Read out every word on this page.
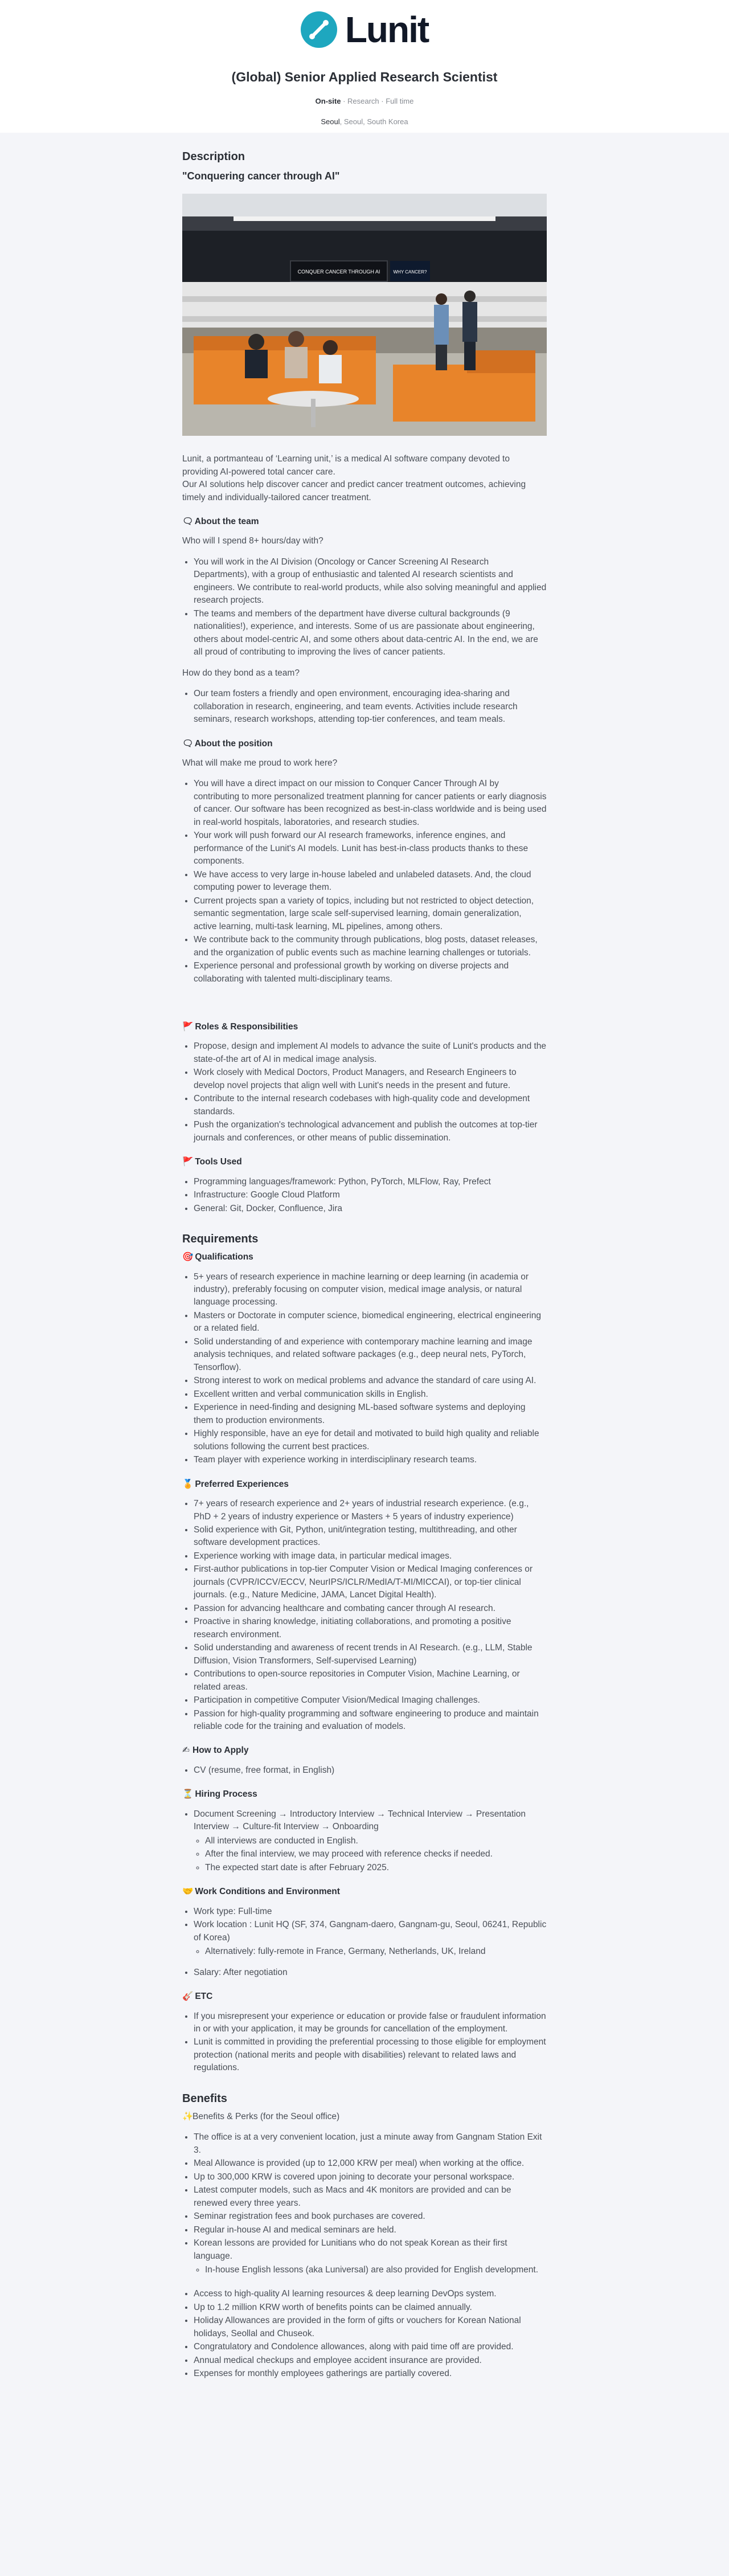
Lunit
(Global) Senior Applied Research Scientist
On-site · Research · Full time
Seoul, Seoul, South Korea
Description
"Conquering cancer through AI"
CONQUER CANCER THROUGH AI	WHY CANCER?

Lunit, a portmanteau of ‘Learning unit,’ is a medical AI software company devoted to providing AI-powered total cancer care.

Our AI solutions help discover cancer and predict cancer treatment outcomes, achieving timely and individually-tailored cancer treatment.

🗨 About the team

Who will I spend 8+ hours/day with?

• You will work in the AI Division (Oncology or Cancer Screening AI Research Departments), with a group of enthusiastic and talented AI research scientists and engineers. We contribute to real-world products, while also solving meaningful and applied research projects.
• The teams and members of the department have diverse cultural backgrounds (9 nationalities!), experience, and interests. Some of us are passionate about engineering, others about model-centric AI, and some others about data-centric AI. In the end, we are all proud of contributing to improving the lives of cancer patients.

How do they bond as a team?

• Our team fosters a friendly and open environment, encouraging idea-sharing and collaboration in research, engineering, and team events. Activities include research seminars, research workshops, attending top-tier conferences, and team meals.
🗨 About the position

What will make me proud to work here?

• You will have a direct impact on our mission to Conquer Cancer Through AI by contributing to more personalized treatment planning for cancer patients or early diagnosis of cancer. Our software has been recognized as best-in-class worldwide and is being used in real-world hospitals, laboratories, and research studies.
• Your work will push forward our AI research frameworks, inference engines, and performance of the Lunit's AI models. Lunit has best-in-class products thanks to these components.
• We have access to very large in-house labeled and unlabeled datasets. And, the cloud computing power to leverage them.
• Current projects span a variety of topics, including but not restricted to object detection, semantic segmentation, large scale self-supervised learning, domain generalization, active learning, multi-task learning, ML pipelines, among others.
• We contribute back to the community through publications, blog posts, dataset releases, and the organization of public events such as machine learning challenges or tutorials.
• Experience personal and professional growth by working on diverse projects and collaborating with talented multi-disciplinary teams.
🚩 Roles & Responsibilities
• Propose, design and implement AI models to advance the suite of Lunit's products and the state-of-the art of AI in medical image analysis.
• Work closely with Medical Doctors, Product Managers, and Research Engineers to develop novel projects that align well with Lunit's needs in the present and future.
• Contribute to the internal research codebases with high-quality code and development standards.
• Push the organization's technological advancement and publish the outcomes at top-tier journals and conferences, or other means of public dissemination.
🚩 Tools Used
• Programming languages/framework: Python, PyTorch, MLFlow, Ray, Prefect
• Infrastructure: Google Cloud Platform
• General: Git, Docker, Confluence, Jira
Requirements
🎯 Qualifications
• 5+ years of research experience in machine learning or deep learning (in academia or industry), preferably focusing on computer vision, medical image analysis, or natural language processing.
• Masters or Doctorate in computer science, biomedical engineering, electrical engineering or a related field.
• Solid understanding of and experience with contemporary machine learning and image analysis techniques, and related software packages (e.g., deep neural nets, PyTorch, Tensorflow).
• Strong interest to work on medical problems and advance the standard of care using AI.
• Excellent written and verbal communication skills in English.
• Experience in need-finding and designing ML-based software systems and deploying them to production environments.
• Highly responsible, have an eye for detail and motivated to build high quality and reliable solutions following the current best practices.
• Team player with experience working in interdisciplinary research teams.
🏅 Preferred Experiences
• 7+ years of research experience and 2+ years of industrial research experience. (e.g., PhD + 2 years of industry experience or Masters + 5 years of industry experience)
• Solid experience with Git, Python, unit/integration testing, multithreading, and other software development practices.
• Experience working with image data, in particular medical images.
• First-author publications in top-tier Computer Vision or Medical Imaging conferences or journals (CVPR/ICCV/ECCV, NeurIPS/ICLR/MedIA/T-MI/MICCAI), or top-tier clinical journals. (e.g., Nature Medicine, JAMA, Lancet Digital Health).
• Passion for advancing healthcare and combating cancer through AI research.
• Proactive in sharing knowledge, initiating collaborations, and promoting a positive research environment.
• Solid understanding and awareness of recent trends in AI Research. (e.g., LLM, Stable Diffusion, Vision Transformers, Self-supervised Learning)
• Contributions to open-source repositories in Computer Vision, Machine Learning, or related areas.
• Participation in competitive Computer Vision/Medical Imaging challenges.
• Passion for high-quality programming and software engineering to produce and maintain reliable code for the training and evaluation of models.
✍ How to Apply
• CV (resume, free format, in English)
⏳ Hiring Process
• Document Screening → Introductory Interview → Technical Interview → Presentation Interview → Culture-fit Interview → Onboarding
◦ All interviews are conducted in English.
◦ After the final interview, we may proceed with reference checks if needed.
◦ The expected start date is after February 2025.
🤝 Work Conditions and Environment
• Work type: Full-time
• Work location : Lunit HQ (SF, 374, Gangnam-daero, Gangnam-gu, Seoul, 06241, Republic of Korea)
◦ Alternatively: fully-remote in France, Germany, Netherlands, UK, Ireland
• Salary: After negotiation
🎸 ETC
• If you misrepresent your experience or education or provide false or fraudulent information in or with your application, it may be grounds for cancellation of the employment.
• Lunit is committed in providing the preferential processing to those eligible for employment protection (national merits and people with disabilities) relevant to related laws and regulations.
Benefits

✨Benefits & Perks (for the Seoul office)

• The office is at a very convenient location, just a minute away from Gangnam Station Exit 3.
• Meal Allowance is provided (up to 12,000 KRW per meal) when working at the office.
• Up to 300,000 KRW is covered upon joining to decorate your personal workspace.
• Latest computer models, such as Macs and 4K monitors are provided and can be renewed every three years.
• Seminar registration fees and book purchases are covered.
• Regular in-house AI and medical seminars are held.
• Korean lessons are provided for Lunitians who do not speak Korean as their first language.
◦ In-house English lessons (aka Luniversal) are also provided for English development.
• Access to high-quality AI learning resources & deep learning DevOps system.
• Up to 1.2 million KRW worth of benefits points can be claimed annually.
• Holiday Allowances are provided in the form of gifts or vouchers for Korean National holidays, Seollal and Chuseok.
• Congratulatory and Condolence allowances, along with paid time off are provided.
• Annual medical checkups and employee accident insurance are provided.
• Expenses for monthly employees gatherings are partially covered.
